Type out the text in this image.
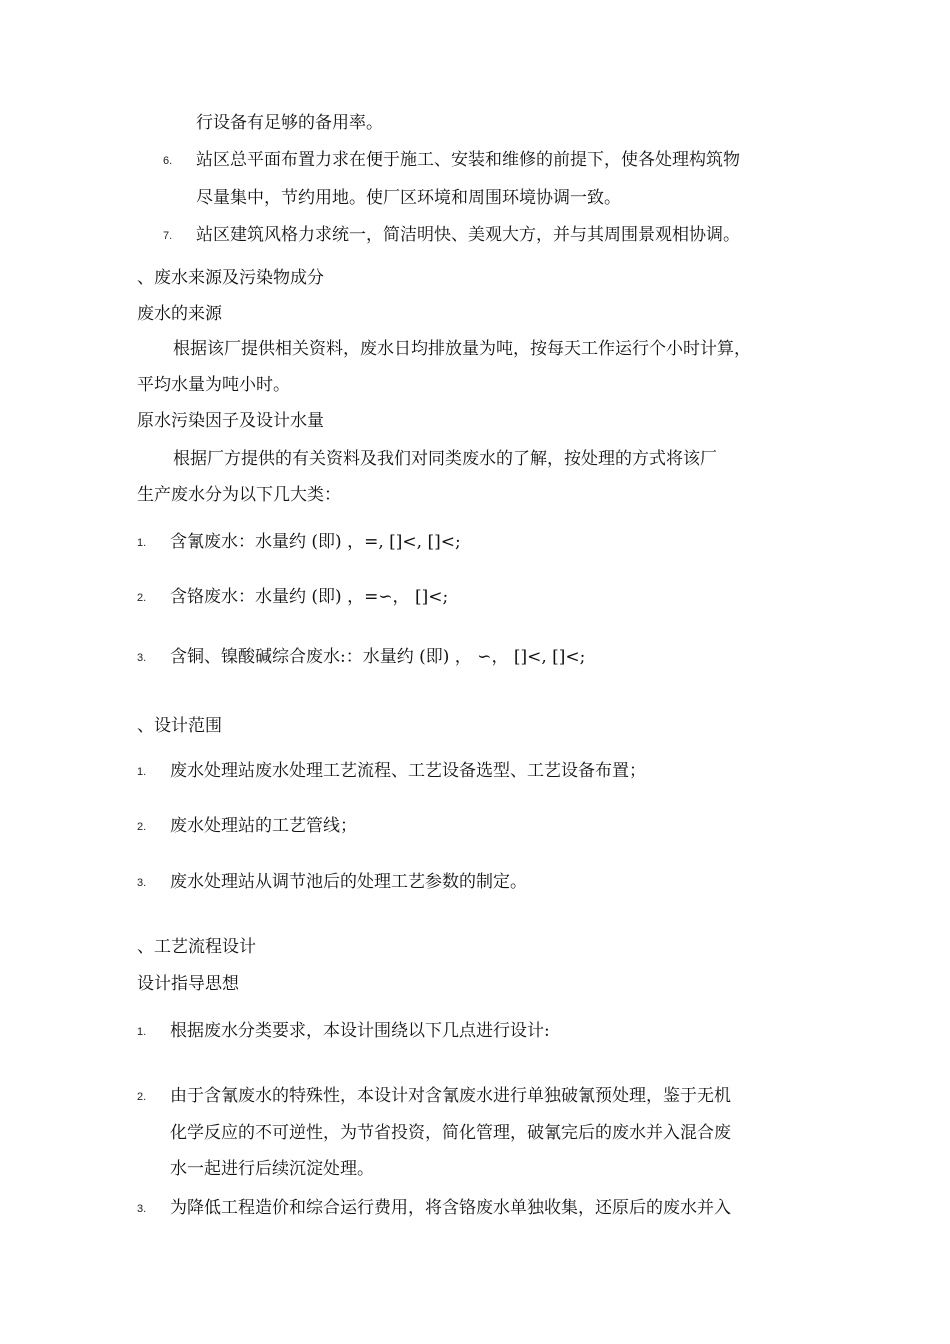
行设备有足够的备用率。
6. 站区总平面布置力求在便于施工、安装和维修的前提下，使各处理构筑物
尽量集中，节约用地。使厂区环境和周围环境协调一致。
7. 站区建筑风格力求统一，简洁明快、美观大方，并与其周围景观相协调。
、废水来源及污染物成分
废水的来源
根据该厂提供相关资料，废水日均排放量为吨，按每天工作运行个小时计算，
平均水量为吨小时。
原水污染因子及设计水量
根据厂方提供的有关资料及我们对同类废水的了解，按处理的方式将该厂
生产废水分为以下几大类：
1. 含氰废水：水量约 (即) ，=, []<, []<;
2. 含铬废水：水量约 (即) ，=∽， []<;
3. 含铜、镍酸碱综合废水:：水量约 (即) ， ∽， []<, []<;
、设计范围
1. 废水处理站废水处理工艺流程、工艺设备选型、工艺设备布置；
2. 废水处理站的工艺管线；
3. 废水处理站从调节池后的处理工艺参数的制定。
、工艺流程设计
设计指导思想
1. 根据废水分类要求，本设计围绕以下几点进行设计:
2. 由于含氰废水的特殊性，本设计对含氰废水进行单独破氰预处理，鉴于无机
化学反应的不可逆性，为节省投资，简化管理，破氰完后的废水并入混合废
水一起进行后续沉淀处理。
3. 为降低工程造价和综合运行费用，将含铬废水单独收集，还原后的废水并入
